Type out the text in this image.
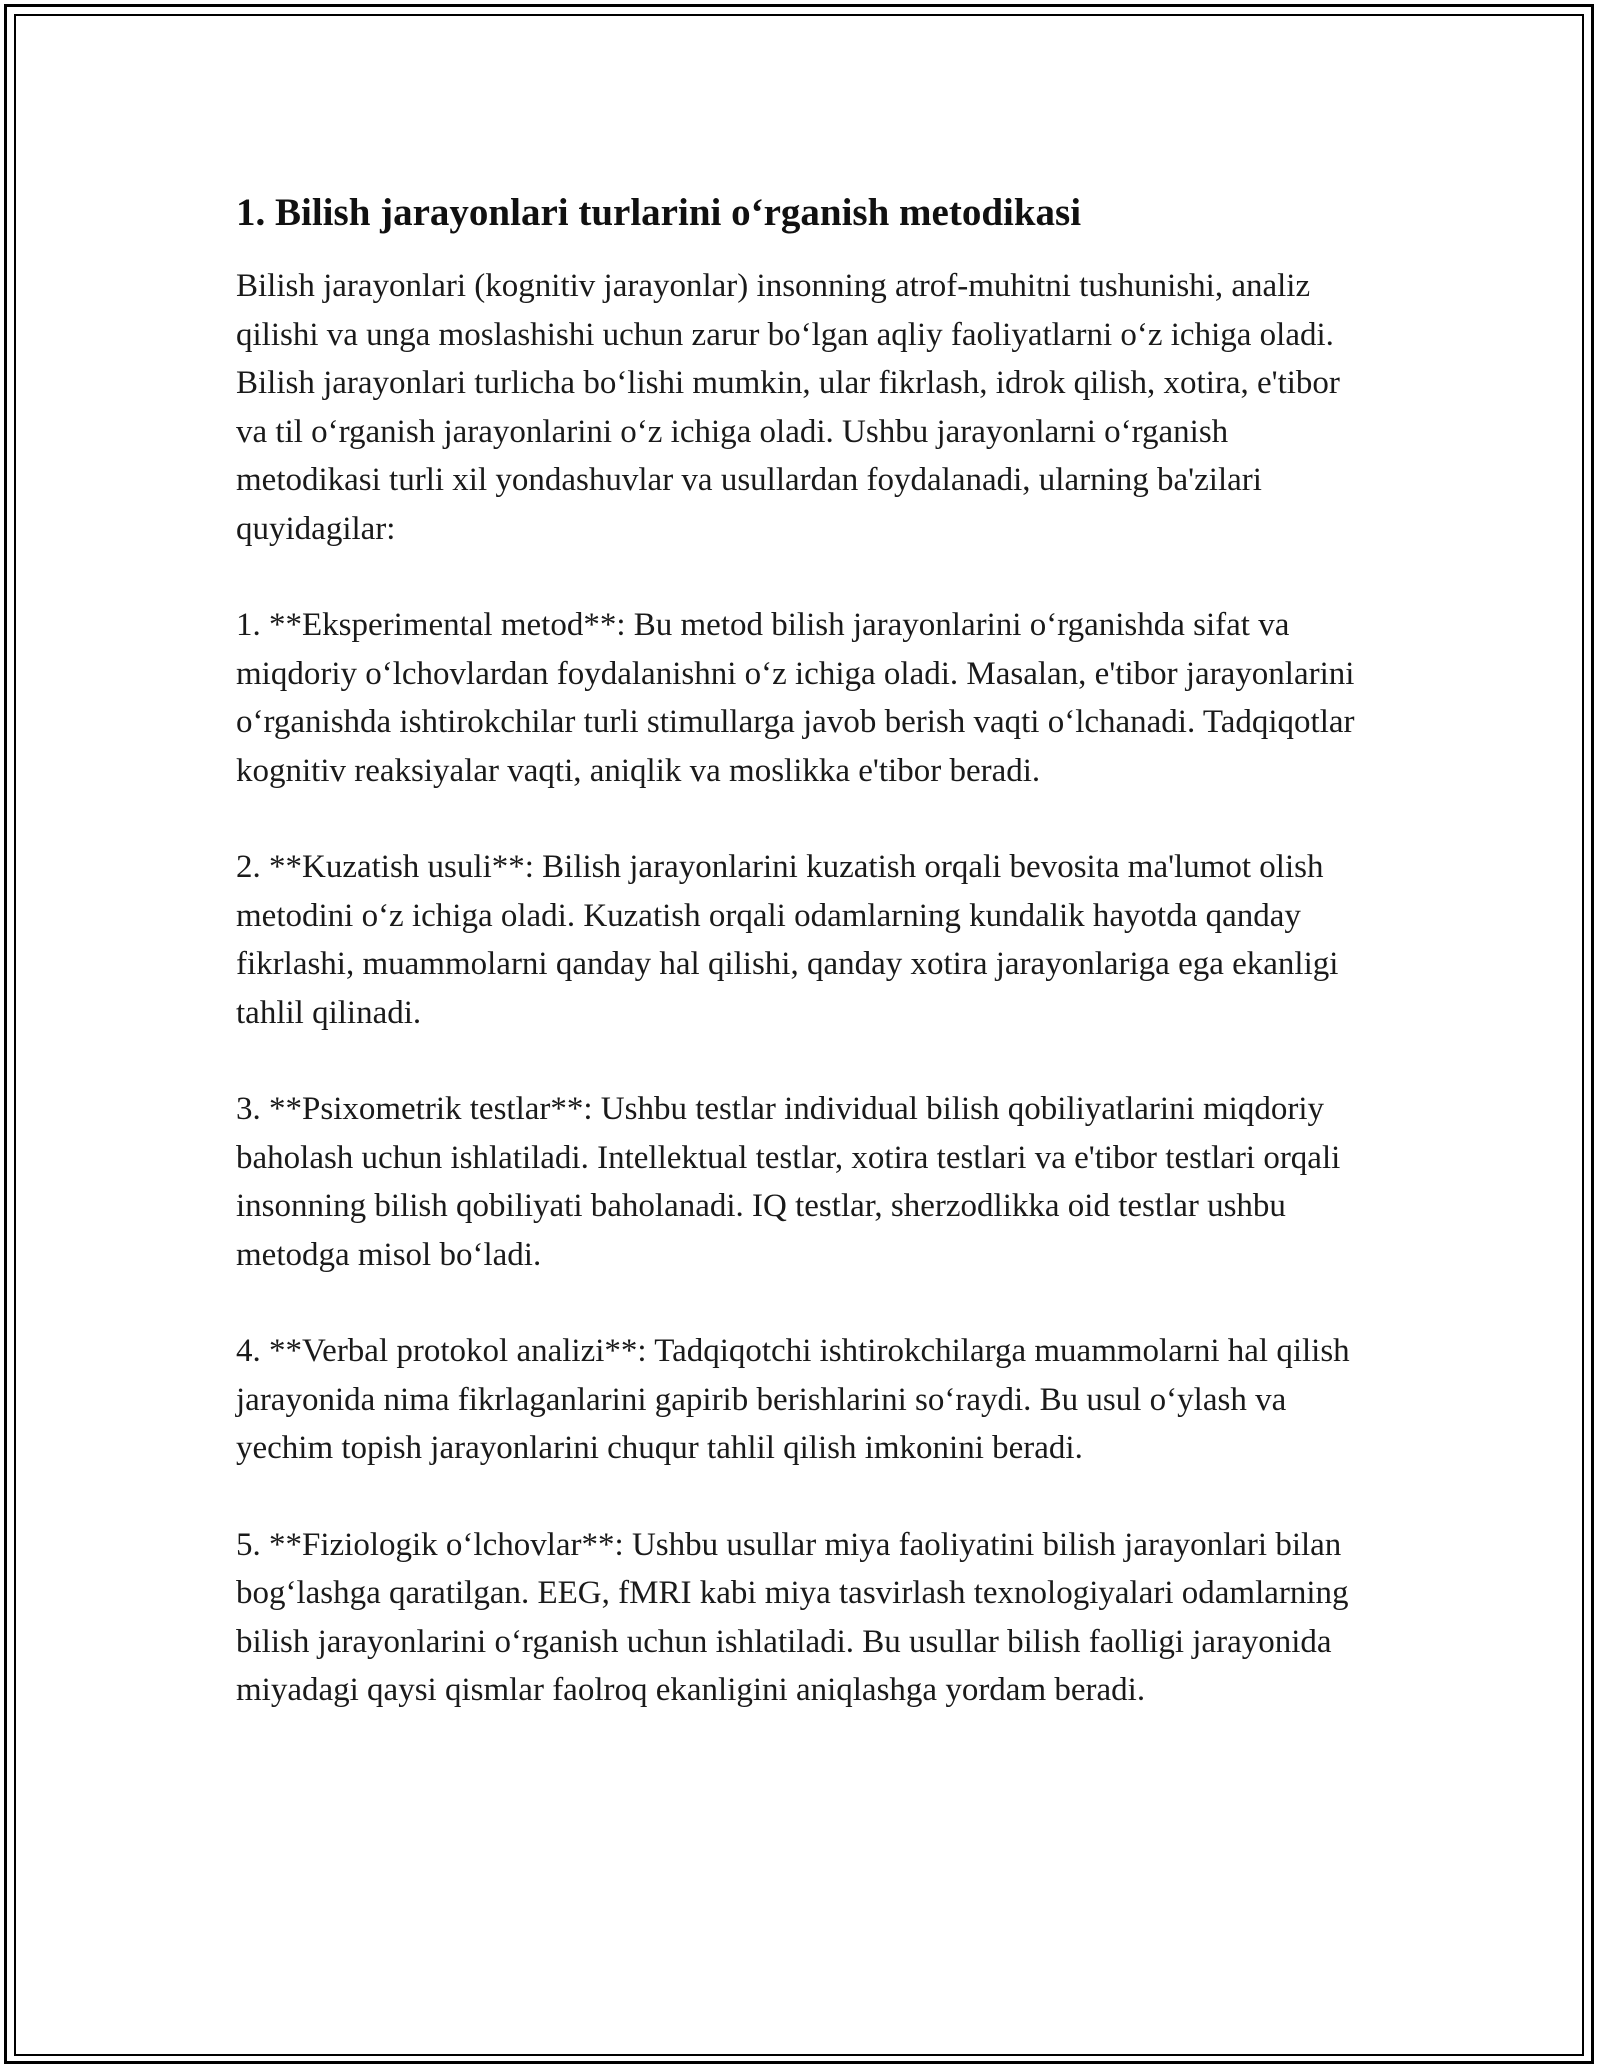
1. Bilish jarayonlari turlarini o‘rganish metodikasi

Bilish jarayonlari (kognitiv jarayonlar) insonning atrof-muhitni tushunishi, analiz qilishi va unga moslashishi uchun zarur bo‘lgan aqliy faoliyatlarni o‘z ichiga oladi. Bilish jarayonlari turlicha bo‘lishi mumkin, ular fikrlash, idrok qilish, xotira, e'tibor va til o‘rganish jarayonlarini o‘z ichiga oladi. Ushbu jarayonlarni o‘rganish metodikasi turli xil yondashuvlar va usullardan foydalanadi, ularning ba'zilari quyidagilar:

1. **Eksperimental metod**: Bu metod bilish jarayonlarini o‘rganishda sifat va miqdoriy o‘lchovlardan foydalanishni o‘z ichiga oladi. Masalan, e'tibor jarayonlarini o‘rganishda ishtirokchilar turli stimullarga javob berish vaqti o‘lchanadi. Tadqiqotlar kognitiv reaksiyalar vaqti, aniqlik va moslikka e'tibor beradi.

2. **Kuzatish usuli**: Bilish jarayonlarini kuzatish orqali bevosita ma'lumot olish metodini o‘z ichiga oladi. Kuzatish orqali odamlarning kundalik hayotda qanday fikrlashi, muammolarni qanday hal qilishi, qanday xotira jarayonlariga ega ekanligi tahlil qilinadi.

3. **Psixometrik testlar**: Ushbu testlar individual bilish qobiliyatlarini miqdoriy baholash uchun ishlatiladi. Intellektual testlar, xotira testlari va e'tibor testlari orqali insonning bilish qobiliyati baholanadi. IQ testlar, sherzodlikka oid testlar ushbu metodga misol bo‘ladi.

4. **Verbal protokol analizi**: Tadqiqotchi ishtirokchilarga muammolarni hal qilish jarayonida nima fikrlaganlarini gapirib berishlarini so‘raydi. Bu usul o‘ylash va yechim topish jarayonlarini chuqur tahlil qilish imkonini beradi.

5. **Fiziologik o‘lchovlar**: Ushbu usullar miya faoliyatini bilish jarayonlari bilan bog‘lashga qaratilgan. EEG, fMRI kabi miya tasvirlash texnologiyalari odamlarning bilish jarayonlarini o‘rganish uchun ishlatiladi. Bu usullar bilish faolligi jarayonida miyadagi qaysi qismlar faolroq ekanligini aniqlashga yordam beradi.
